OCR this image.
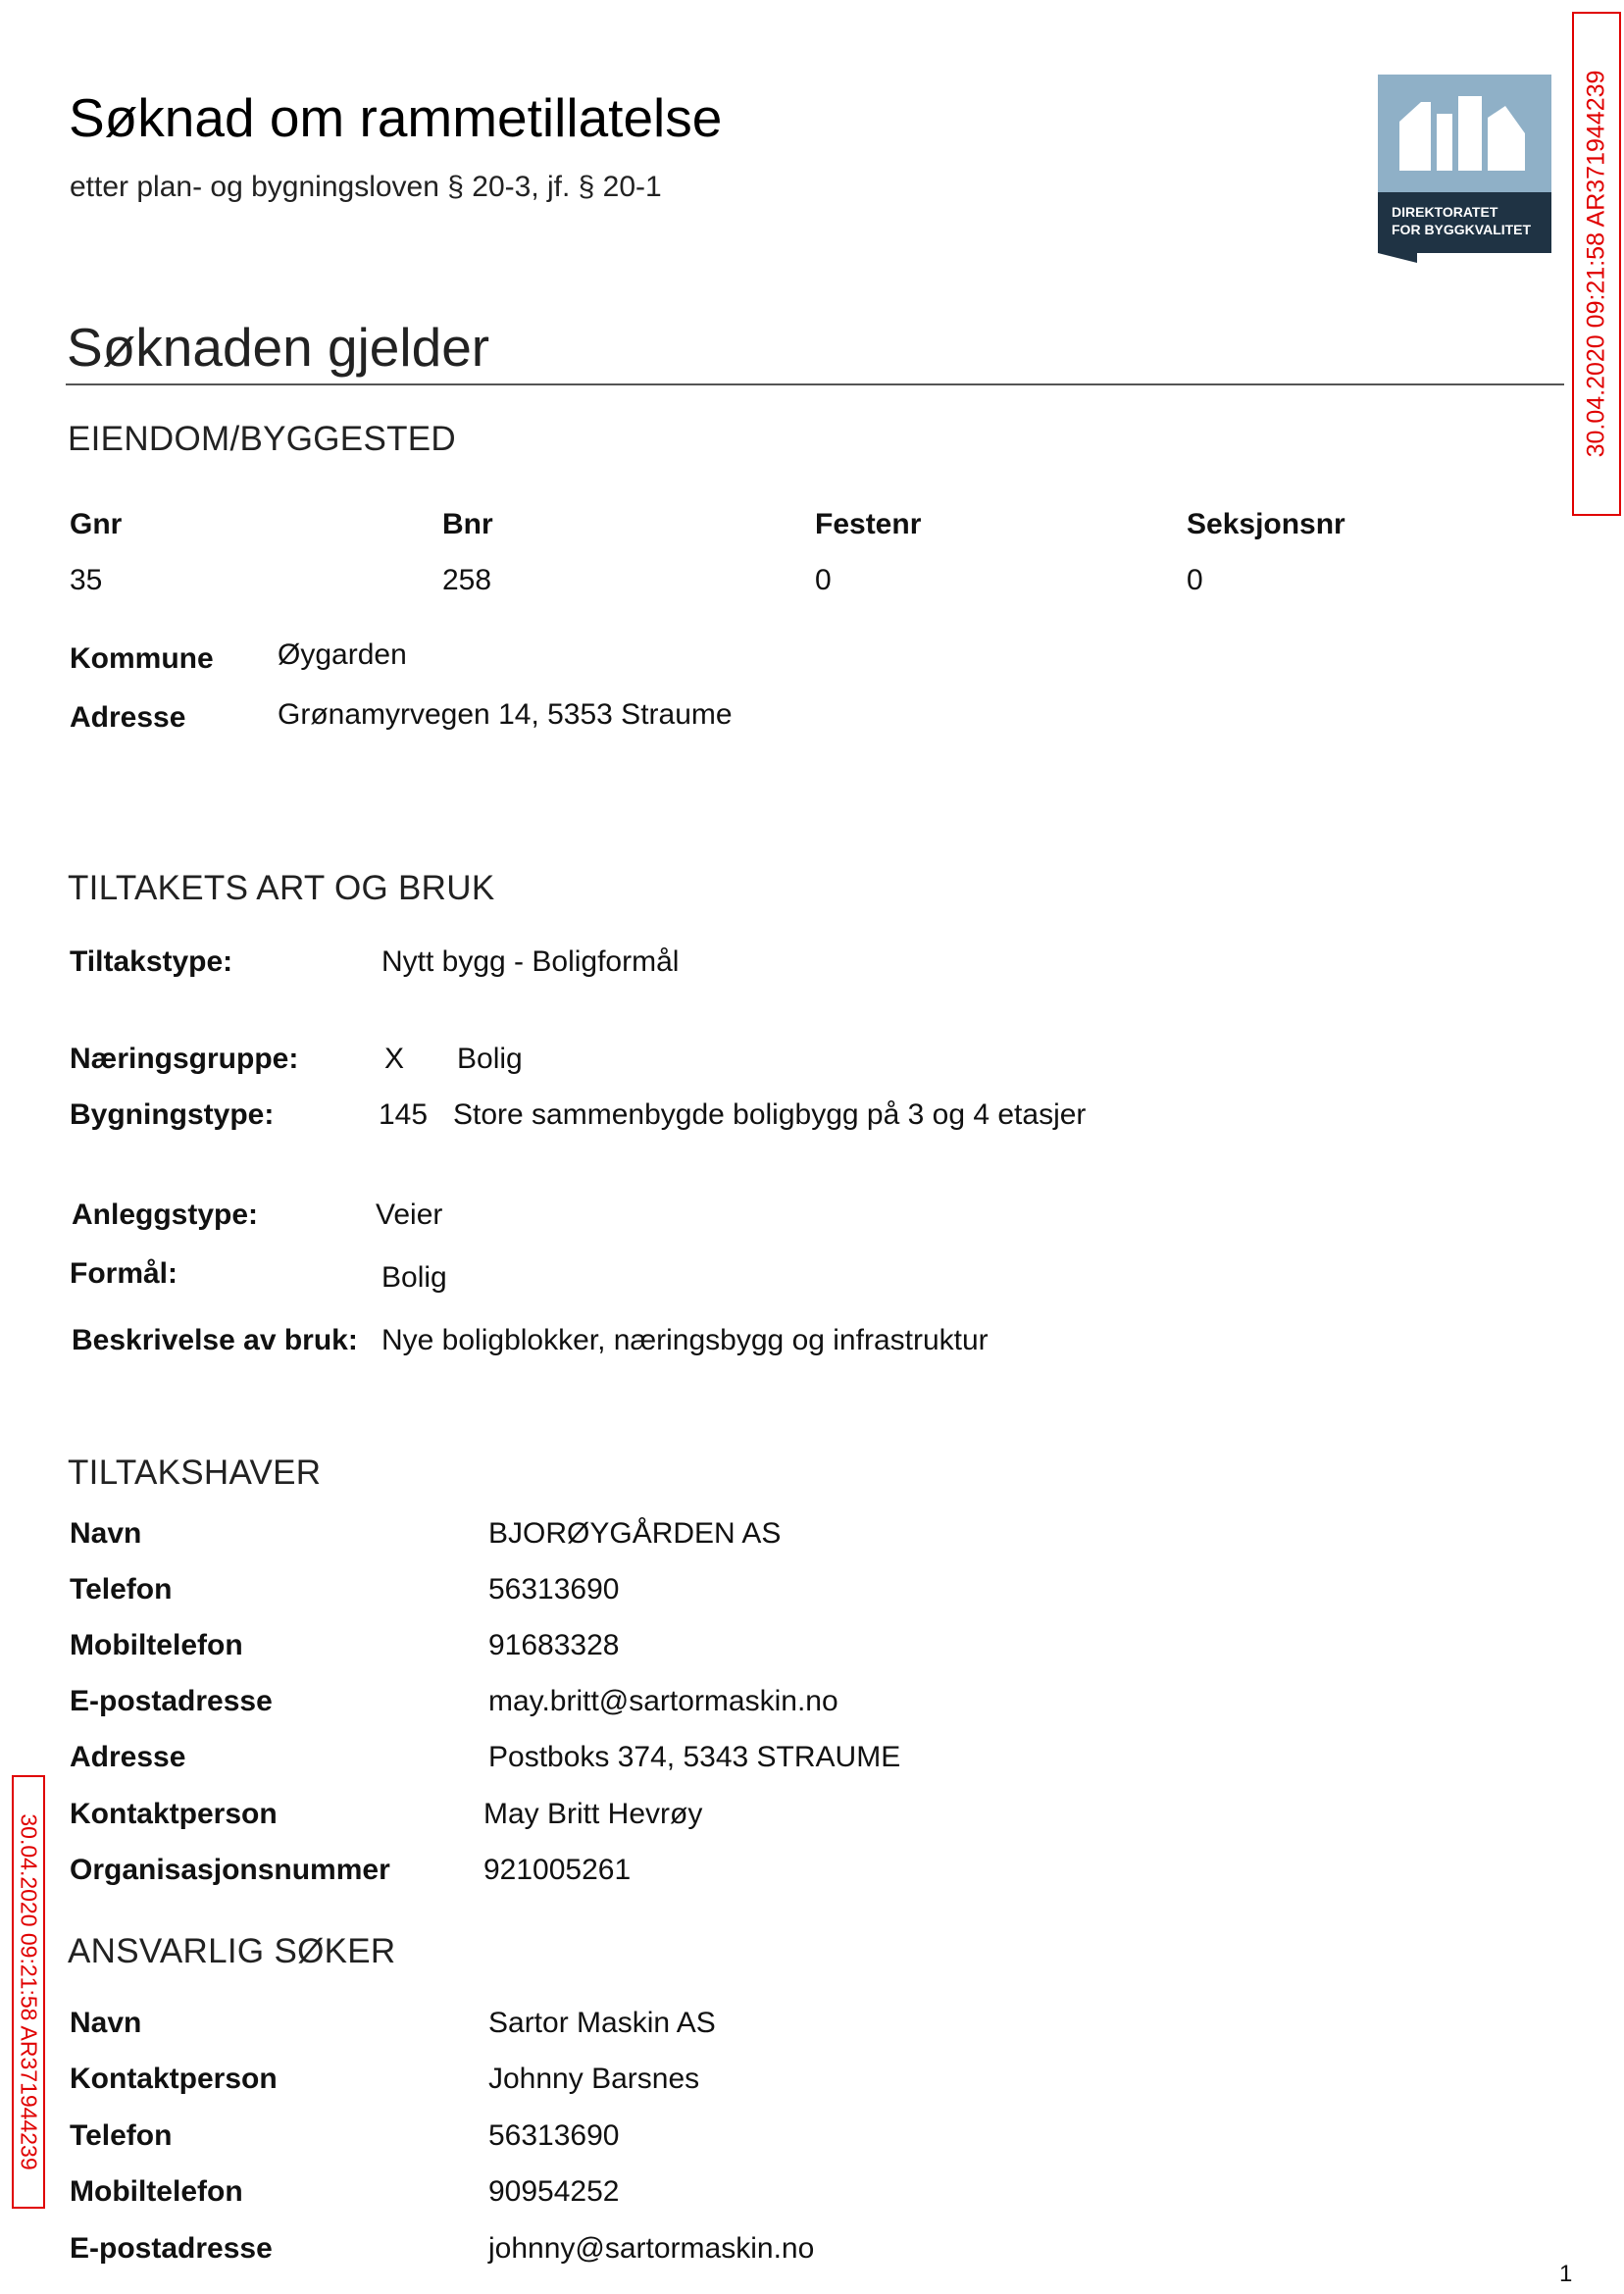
Søknad om rammetillatelse
etter plan- og bygningsloven § 20-3, jf. § 20-1
DIREKTORATET
FOR BYGGKVALITET 30.04.2020 09:21:58 AR371944239
30.04.2020 09:21:58 AR371944239
Søknaden gjelder
EIENDOM/BYGGESTED
Gnr	Bnr	Festenr	Seksjonsnr
35	258	0	0
Kommune Øygarden
Adresse	Grønamyrvegen 14, 5353 Straume
TILTAKETS ART OG BRUK
Tiltakstype:	Nytt bygg - Boligformål
Næringsgruppe:	X Bolig
Bygningstype:	145 Store sammenbygde boligbygg på 3 og 4 etasjer
Anleggstype:	Veier
Formål:	Bolig
Beskrivelse av bruk: Nye boligblokker, næringsbygg og infrastruktur
TILTAKSHAVER
Navn	BJORØYGÅRDEN AS
Telefon	56313690
Mobiltelefon	91683328
E-postadresse	may.britt@sartormaskin.no
Adresse	Postboks 374, 5343 STRAUME
Kontaktperson	May Britt Hevrøy
Organisasjonsnummer	921005261
ANSVARLIG SØKER
Navn	Sartor Maskin AS
Kontaktperson	Johnny Barsnes
Telefon	56313690
Mobiltelefon	90954252
E-postadresse	johnny@sartormaskin.no
1
